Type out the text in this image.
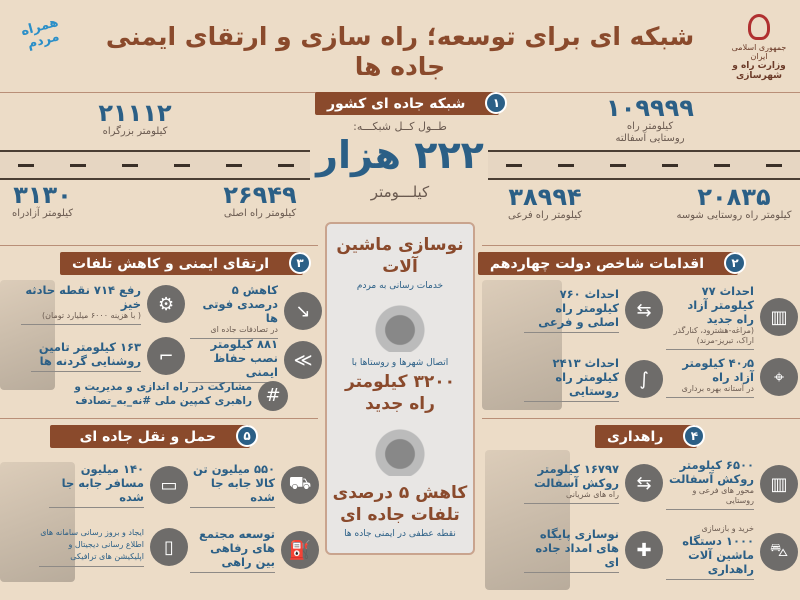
همراه مردم	شبکه ای برای توسعه؛ راه سازی و ارتقای ایمنی جاده ها
جمهوری اسلامی ایران
وزارت راه و شهرسازی
شبکه جاده ای کشور	۱
۲۱۱۱۲
کیلومتر بزرگراه
۱۰۹۹۹۹
کیلومتر راه روستایی آسفالته
۳۱۳۰
کیلومتر آزادراه
۲۶۹۴۹
کیلومتر راه اصلی
۳۸۹۹۴
کیلومتر راه فرعی
۲۰۸۳۵
کیلومتر راه روستایی شوسه
طــول کــل شبکـــه:
۲۲۲ هزار
کیلـــومتر
ارتقای ایمنی و کاهش تلفات	۳
↘
کاهش ۵ درصدی فوتی ها
در تصادفات جاده ای
⚙
رفع ۷۱۴ نقطه حادثه خیز
( با هزینه ۶۰۰۰ میلیارد تومان)
≫
۸۸۱ کیلومتر نصب حفاظ ایمنی
⌐
۱۶۳ کیلومتر تامین روشنایی گردنه ها
#
مشارکت در راه اندازی و مدیریت و راهبری کمپین ملی #نه_به_تصادف
اقدامات شاخص دولت چهاردهم	۲
▥
احداث ۷۷ کیلومتر آزاد راه جدید
(مراغه-هشترود، کنارگذر اراک، تبریز-مرند)
⇆
احداث ۷۶۰ کیلومتر راه اصلی و فرعی
⌖
۴۰٫۵ کیلومتر آزاد راه
در آستانه بهره برداری
∫
احداث ۲۴۱۳ کیلومتر راه روستایی
حمل و نقل جاده ای	۵
⛟
۵۵۰ میلیون تن کالا جابه جا شده
▭
۱۴۰ میلیون مسافر جابه جا شده
⛽
توسعه مجتمع های رفاهی بین راهی
▯
ایجاد و بروز رسانی سامانه های اطلاع رسانی دیجیتال و اپلیکیشن های ترافیکی
راهداری	۴
▥
۶۵۰۰ کیلومتر روکش آسفالت
محور های فرعی و روستایی
⇆
۱۶۷۹۷ کیلومتر روکش آسفالت
راه های شریانی
⛍
خرید و بازسازی
۱۰۰۰ دستگاه ماشین آلات راهداری
✚
نوسازی پایگاه های امداد جاده ای
نوسازی ماشین آلات
خدمات رسانی به مردم
اتصال شهرها و روستاها با
۳۲۰۰ کیلومتر راه جدید
کاهش ۵ درصدی تلفات جاده ای
نقطه عطفی در ایمنی جاده ها
